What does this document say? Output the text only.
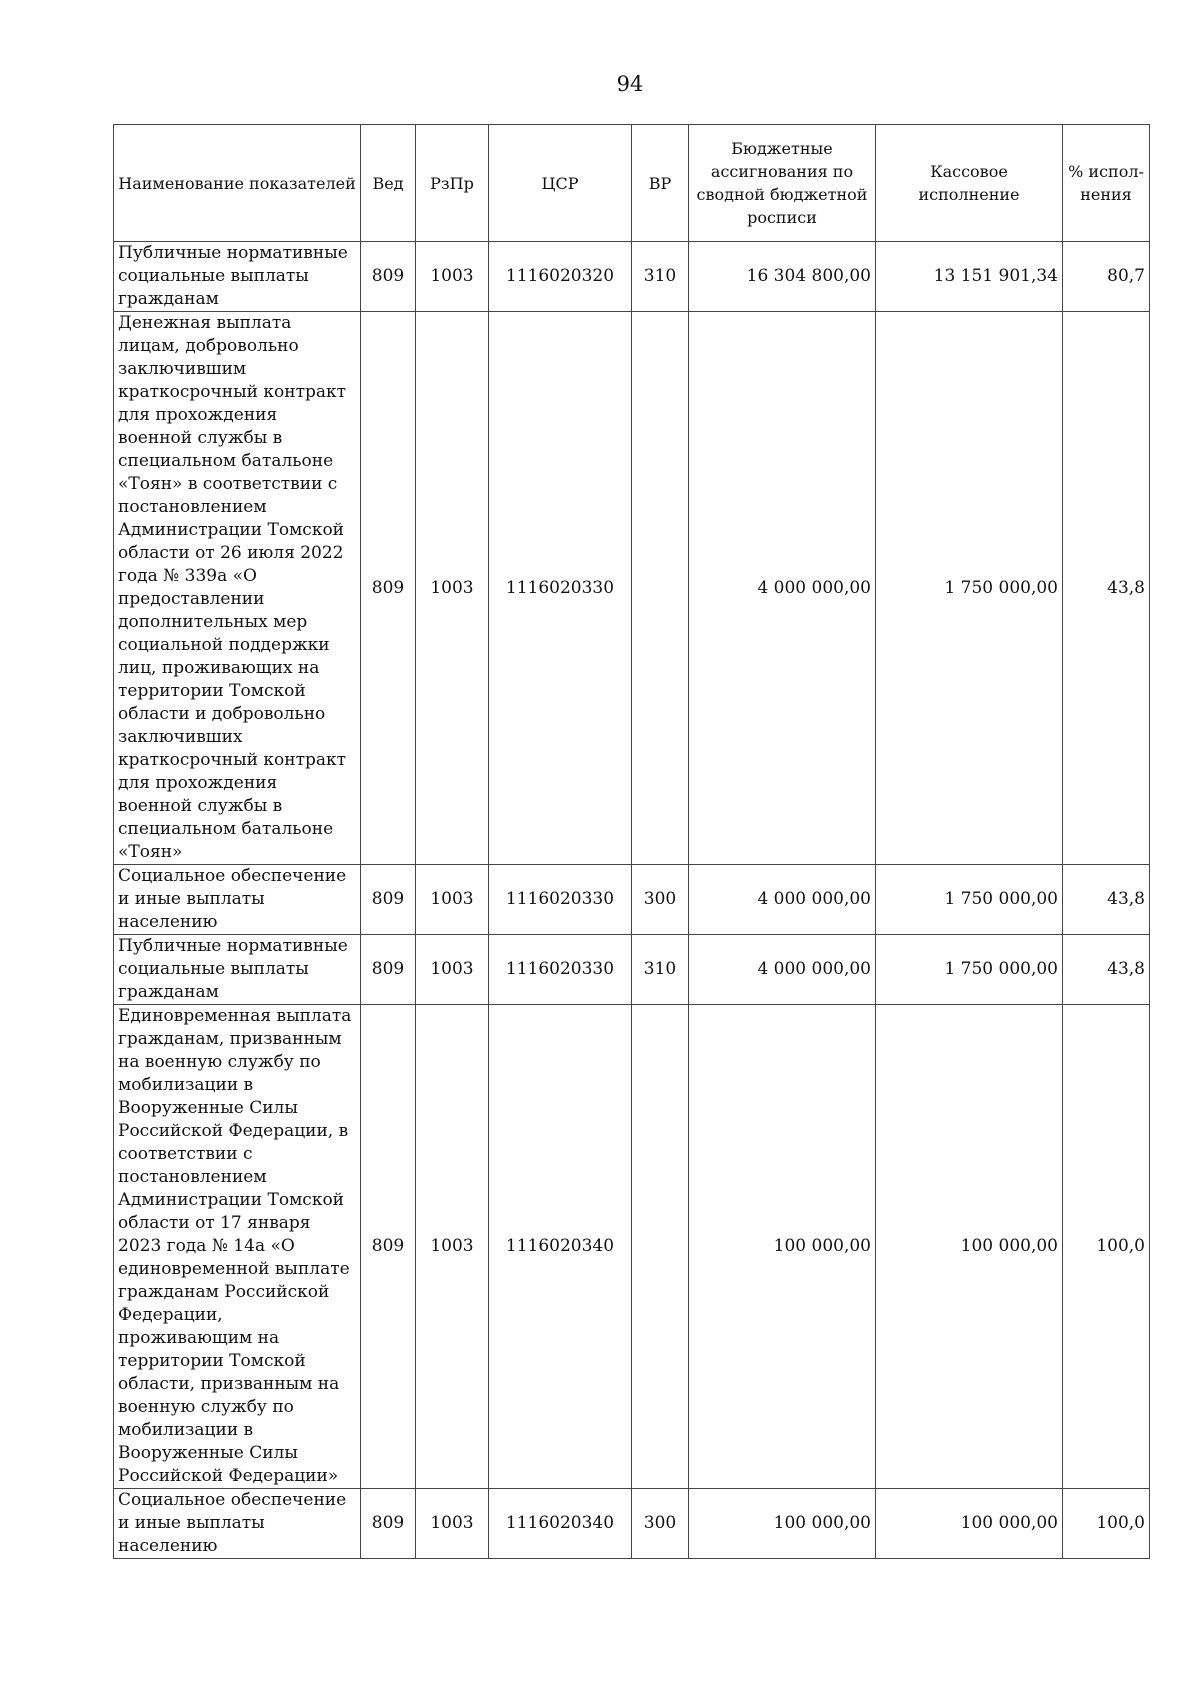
94
Наименование показателей	Вед	РзПр	ЦСР	ВР	Бюджетные ассигнования по сводной бюджетной росписи	Кассовое исполнение	% испол-нения
Публичные нормативные социальные выплаты гражданам	809	1003	1116020320	310	16 304 800,00	13 151 901,34	80,7
Денежная выплата лицам, добровольно заключившим краткосрочный контракт для прохождения военной службы в специальном батальоне «Тоян» в соответствии с постановлением Администрации Томской области от 26 июля 2022 года № 339а «О предоставлении дополнительных мер социальной поддержки лиц, проживающих на территории Томской области и добровольно заключивших краткосрочный контракт для прохождения военной службы в специальном батальоне «Тоян»	809	1003	1116020330		4 000 000,00	1 750 000,00	43,8
Социальное обеспечение и иные выплаты населению	809	1003	1116020330	300	4 000 000,00	1 750 000,00	43,8
Публичные нормативные социальные выплаты гражданам	809	1003	1116020330	310	4 000 000,00	1 750 000,00	43,8
Единовременная выплата гражданам, призванным на военную службу по мобилизации в Вооруженные Силы Российской Федерации, в соответствии с постановлением Администрации Томской области от 17 января 2023 года № 14а «О единовременной выплате гражданам Российской Федерации, проживающим на территории Томской области, призванным на военную службу по мобилизации в Вооруженные Силы Российской Федерации»	809	1003	1116020340		100 000,00	100 000,00	100,0
Социальное обеспечение и иные выплаты населению	809	1003	1116020340	300	100 000,00	100 000,00	100,0
